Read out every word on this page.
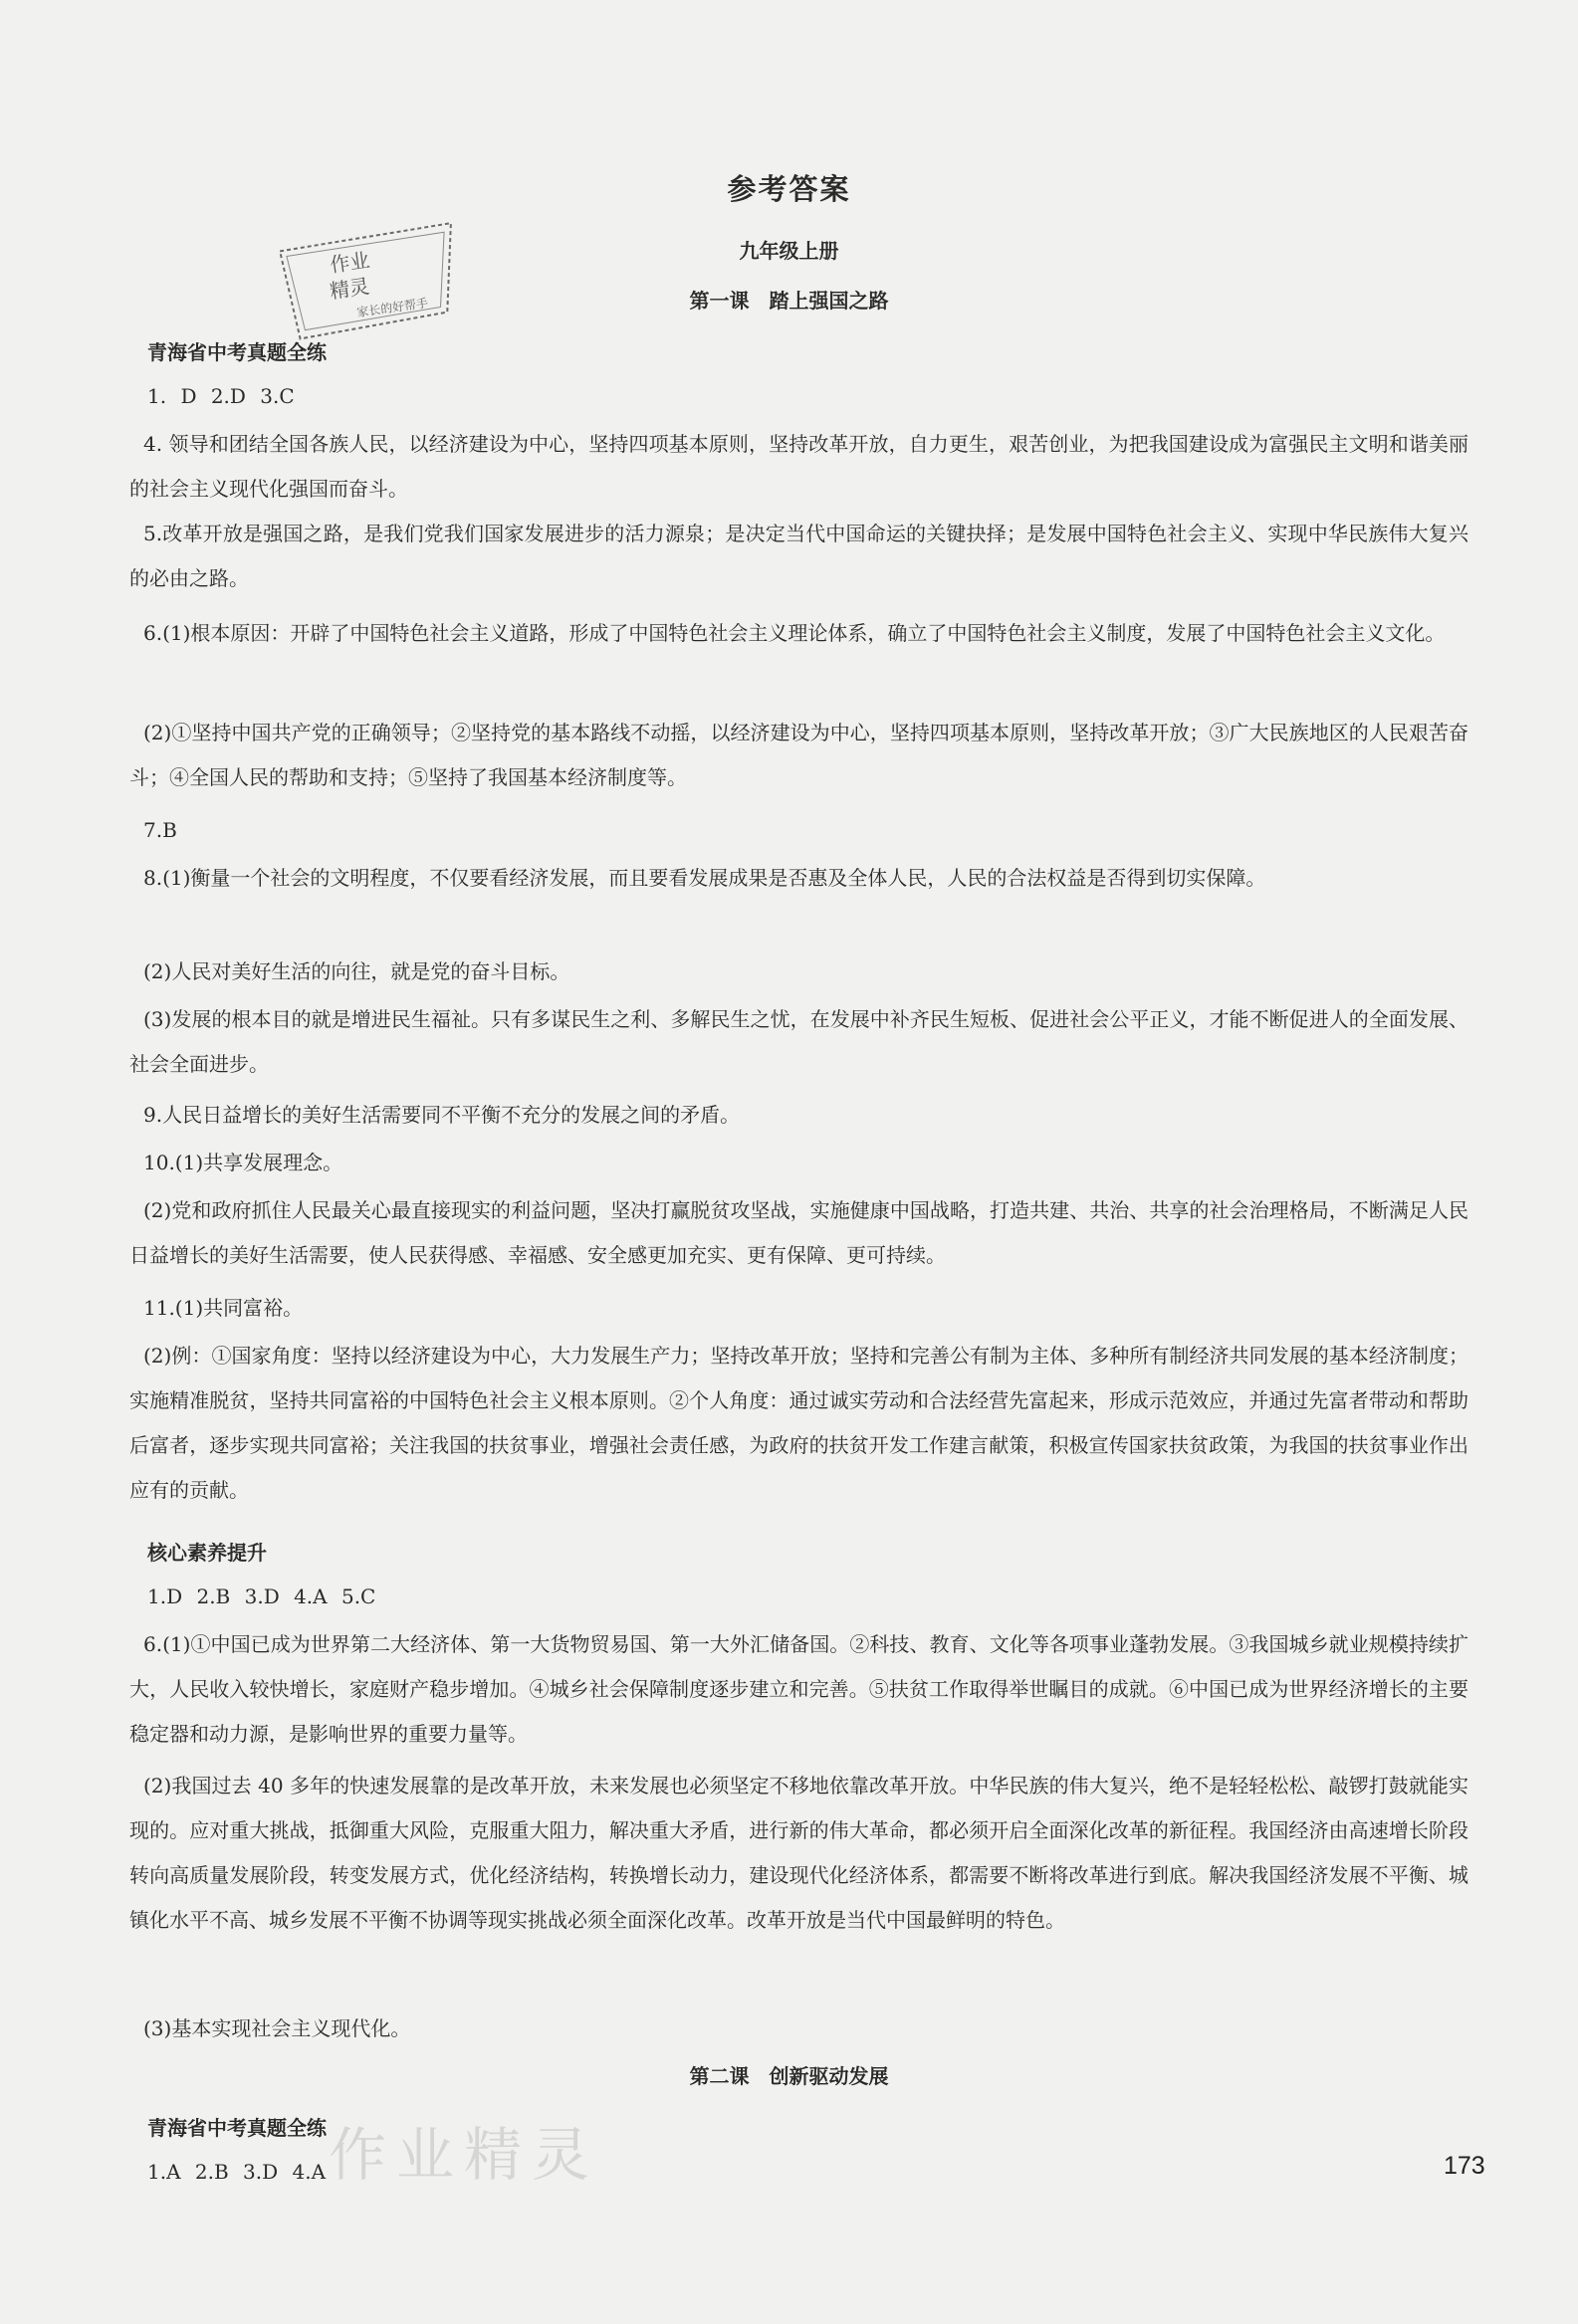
作业
精灵
家长的好帮手
参考答案
九年级上册
第一课　踏上强国之路
青海省中考真题全练
1. D 2.D 3.C
4. 领导和团结全国各族人民，以经济建设为中心，坚持四项基本原则，坚持改革开放，自力更生，艰苦创业，为把我国建设成为富强民主文明和谐美丽的社会主义现代化强国而奋斗。
5.改革开放是强国之路，是我们党我们国家发展进步的活力源泉；是决定当代中国命运的关键抉择；是发展中国特色社会主义、实现中华民族伟大复兴的必由之路。
6.(1)根本原因：开辟了中国特色社会主义道路，形成了中国特色社会主义理论体系，确立了中国特色社会主义制度，发展了中国特色社会主义文化。
(2)①坚持中国共产党的正确领导；②坚持党的基本路线不动摇，以经济建设为中心，坚持四项基本原则，坚持改革开放；③广大民族地区的人民艰苦奋斗；④全国人民的帮助和支持；⑤坚持了我国基本经济制度等。
7.B
8.(1)衡量一个社会的文明程度，不仅要看经济发展，而且要看发展成果是否惠及全体人民，人民的合法权益是否得到切实保障。
(2)人民对美好生活的向往，就是党的奋斗目标。
(3)发展的根本目的就是增进民生福祉。只有多谋民生之利、多解民生之忧，在发展中补齐民生短板、促进社会公平正义，才能不断促进人的全面发展、社会全面进步。
9.人民日益增长的美好生活需要同不平衡不充分的发展之间的矛盾。
10.(1)共享发展理念。
(2)党和政府抓住人民最关心最直接现实的利益问题，坚决打赢脱贫攻坚战，实施健康中国战略，打造共建、共治、共享的社会治理格局，不断满足人民日益增长的美好生活需要，使人民获得感、幸福感、安全感更加充实、更有保障、更可持续。
11.(1)共同富裕。
(2)例：①国家角度：坚持以经济建设为中心，大力发展生产力；坚持改革开放；坚持和完善公有制为主体、多种所有制经济共同发展的基本经济制度；实施精准脱贫，坚持共同富裕的中国特色社会主义根本原则。②个人角度：通过诚实劳动和合法经营先富起来，形成示范效应，并通过先富者带动和帮助后富者，逐步实现共同富裕；关注我国的扶贫事业，增强社会责任感，为政府的扶贫开发工作建言献策，积极宣传国家扶贫政策，为我国的扶贫事业作出应有的贡献。
核心素养提升
1.D 2.B 3.D 4.A 5.C
6.(1)①中国已成为世界第二大经济体、第一大货物贸易国、第一大外汇储备国。②科技、教育、文化等各项事业蓬勃发展。③我国城乡就业规模持续扩大，人民收入较快增长，家庭财产稳步增加。④城乡社会保障制度逐步建立和完善。⑤扶贫工作取得举世瞩目的成就。⑥中国已成为世界经济增长的主要稳定器和动力源，是影响世界的重要力量等。
(2)我国过去 40 多年的快速发展靠的是改革开放，未来发展也必须坚定不移地依靠改革开放。中华民族的伟大复兴，绝不是轻轻松松、敲锣打鼓就能实现的。应对重大挑战，抵御重大风险，克服重大阻力，解决重大矛盾，进行新的伟大革命，都必须开启全面深化改革的新征程。我国经济由高速增长阶段转向高质量发展阶段，转变发展方式，优化经济结构，转换增长动力，建设现代化经济体系，都需要不断将改革进行到底。解决我国经济发展不平衡、城镇化水平不高、城乡发展不平衡不协调等现实挑战必须全面深化改革。改革开放是当代中国最鲜明的特色。
(3)基本实现社会主义现代化。
第二课　创新驱动发展
青海省中考真题全练
1.A 2.B 3.D 4.A 作业精灵	173
